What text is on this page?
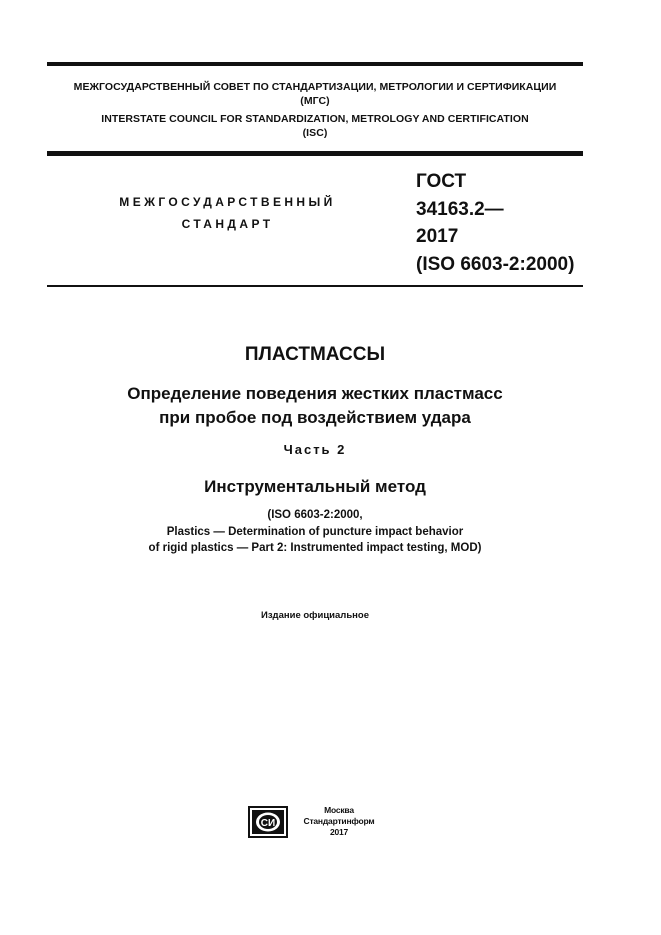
МЕЖГОСУДАРСТВЕННЫЙ СОВЕТ ПО СТАНДАРТИЗАЦИИ, МЕТРОЛОГИИ И СЕРТИФИКАЦИИ
(МГС)
INTERSTATE COUNCIL FOR STANDARDIZATION, METROLOGY AND CERTIFICATION
(ISC)
МЕЖГОСУДАРСТВЕННЫЙ
СТАНДАРТ
ГОСТ
34163.2—
2017
(ISO 6603-2:2000)
ПЛАСТМАССЫ
Определение поведения жестких пластмасс
при пробое под воздействием удара
Часть 2
Инструментальный метод
(ISO 6603-2:2000,
Plastics — Determination of puncture impact behavior
of rigid plastics — Part 2: Instrumented impact testing, MOD)
Издание официальное
СИ
Москва
Стандартинформ
2017
